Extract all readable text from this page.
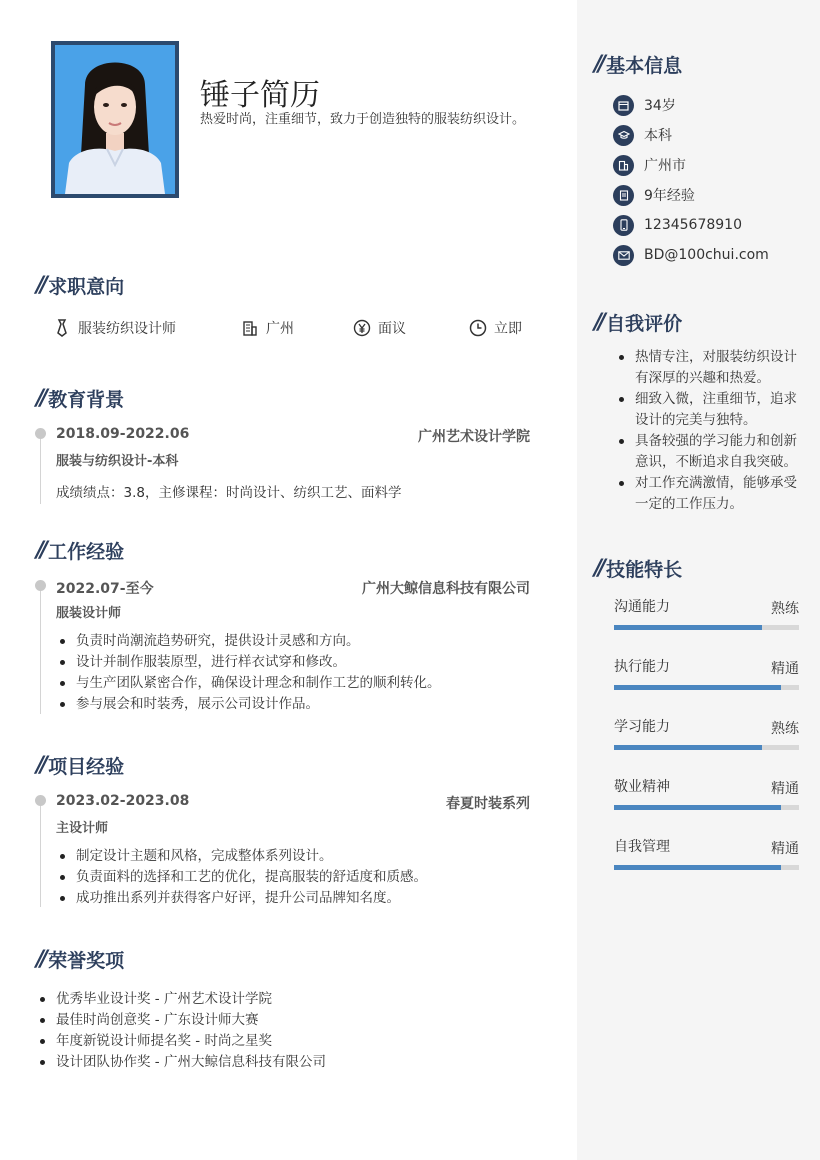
锤子简历
热爱时尚，注重细节，致力于创造独特的服装纺织设计。
// 求职意向
服装纺织设计师	广州	面议	立即
// 教育背景
2018.09-2022.06	广州艺术设计学院
服装与纺织设计-本科
成绩绩点：3.8，主修课程：时尚设计、纺织工艺、面料学
// 工作经验
2022.07-至今	广州大鲸信息科技有限公司
服装设计师
负责时尚潮流趋势研究，提供设计灵感和方向。
设计并制作服装原型，进行样衣试穿和修改。
与生产团队紧密合作，确保设计理念和制作工艺的顺利转化。
参与展会和时装秀，展示公司设计作品。
// 项目经验
2023.02-2023.08	春夏时装系列
主设计师
制定设计主题和风格，完成整体系列设计。
负责面料的选择和工艺的优化，提高服装的舒适度和质感。
成功推出系列并获得客户好评，提升公司品牌知名度。
// 荣誉奖项
优秀毕业设计奖 - 广州艺术设计学院
最佳时尚创意奖 - 广东设计师大赛
年度新锐设计师提名奖 - 时尚之星奖
设计团队协作奖 - 广州大鲸信息科技有限公司
// 基本信息
34岁
本科
广州市
9年经验
12345678910
BD@100chui.com
// 自我评价
热情专注，对服装纺织设计有深厚的兴趣和热爱。
细致入微，注重细节，追求设计的完美与独特。
具备较强的学习能力和创新意识，不断追求自我突破。
对工作充满激情，能够承受一定的工作压力。
// 技能特长
沟通能力	熟练
执行能力	精通
学习能力	熟练
敬业精神	精通
自我管理	精通
